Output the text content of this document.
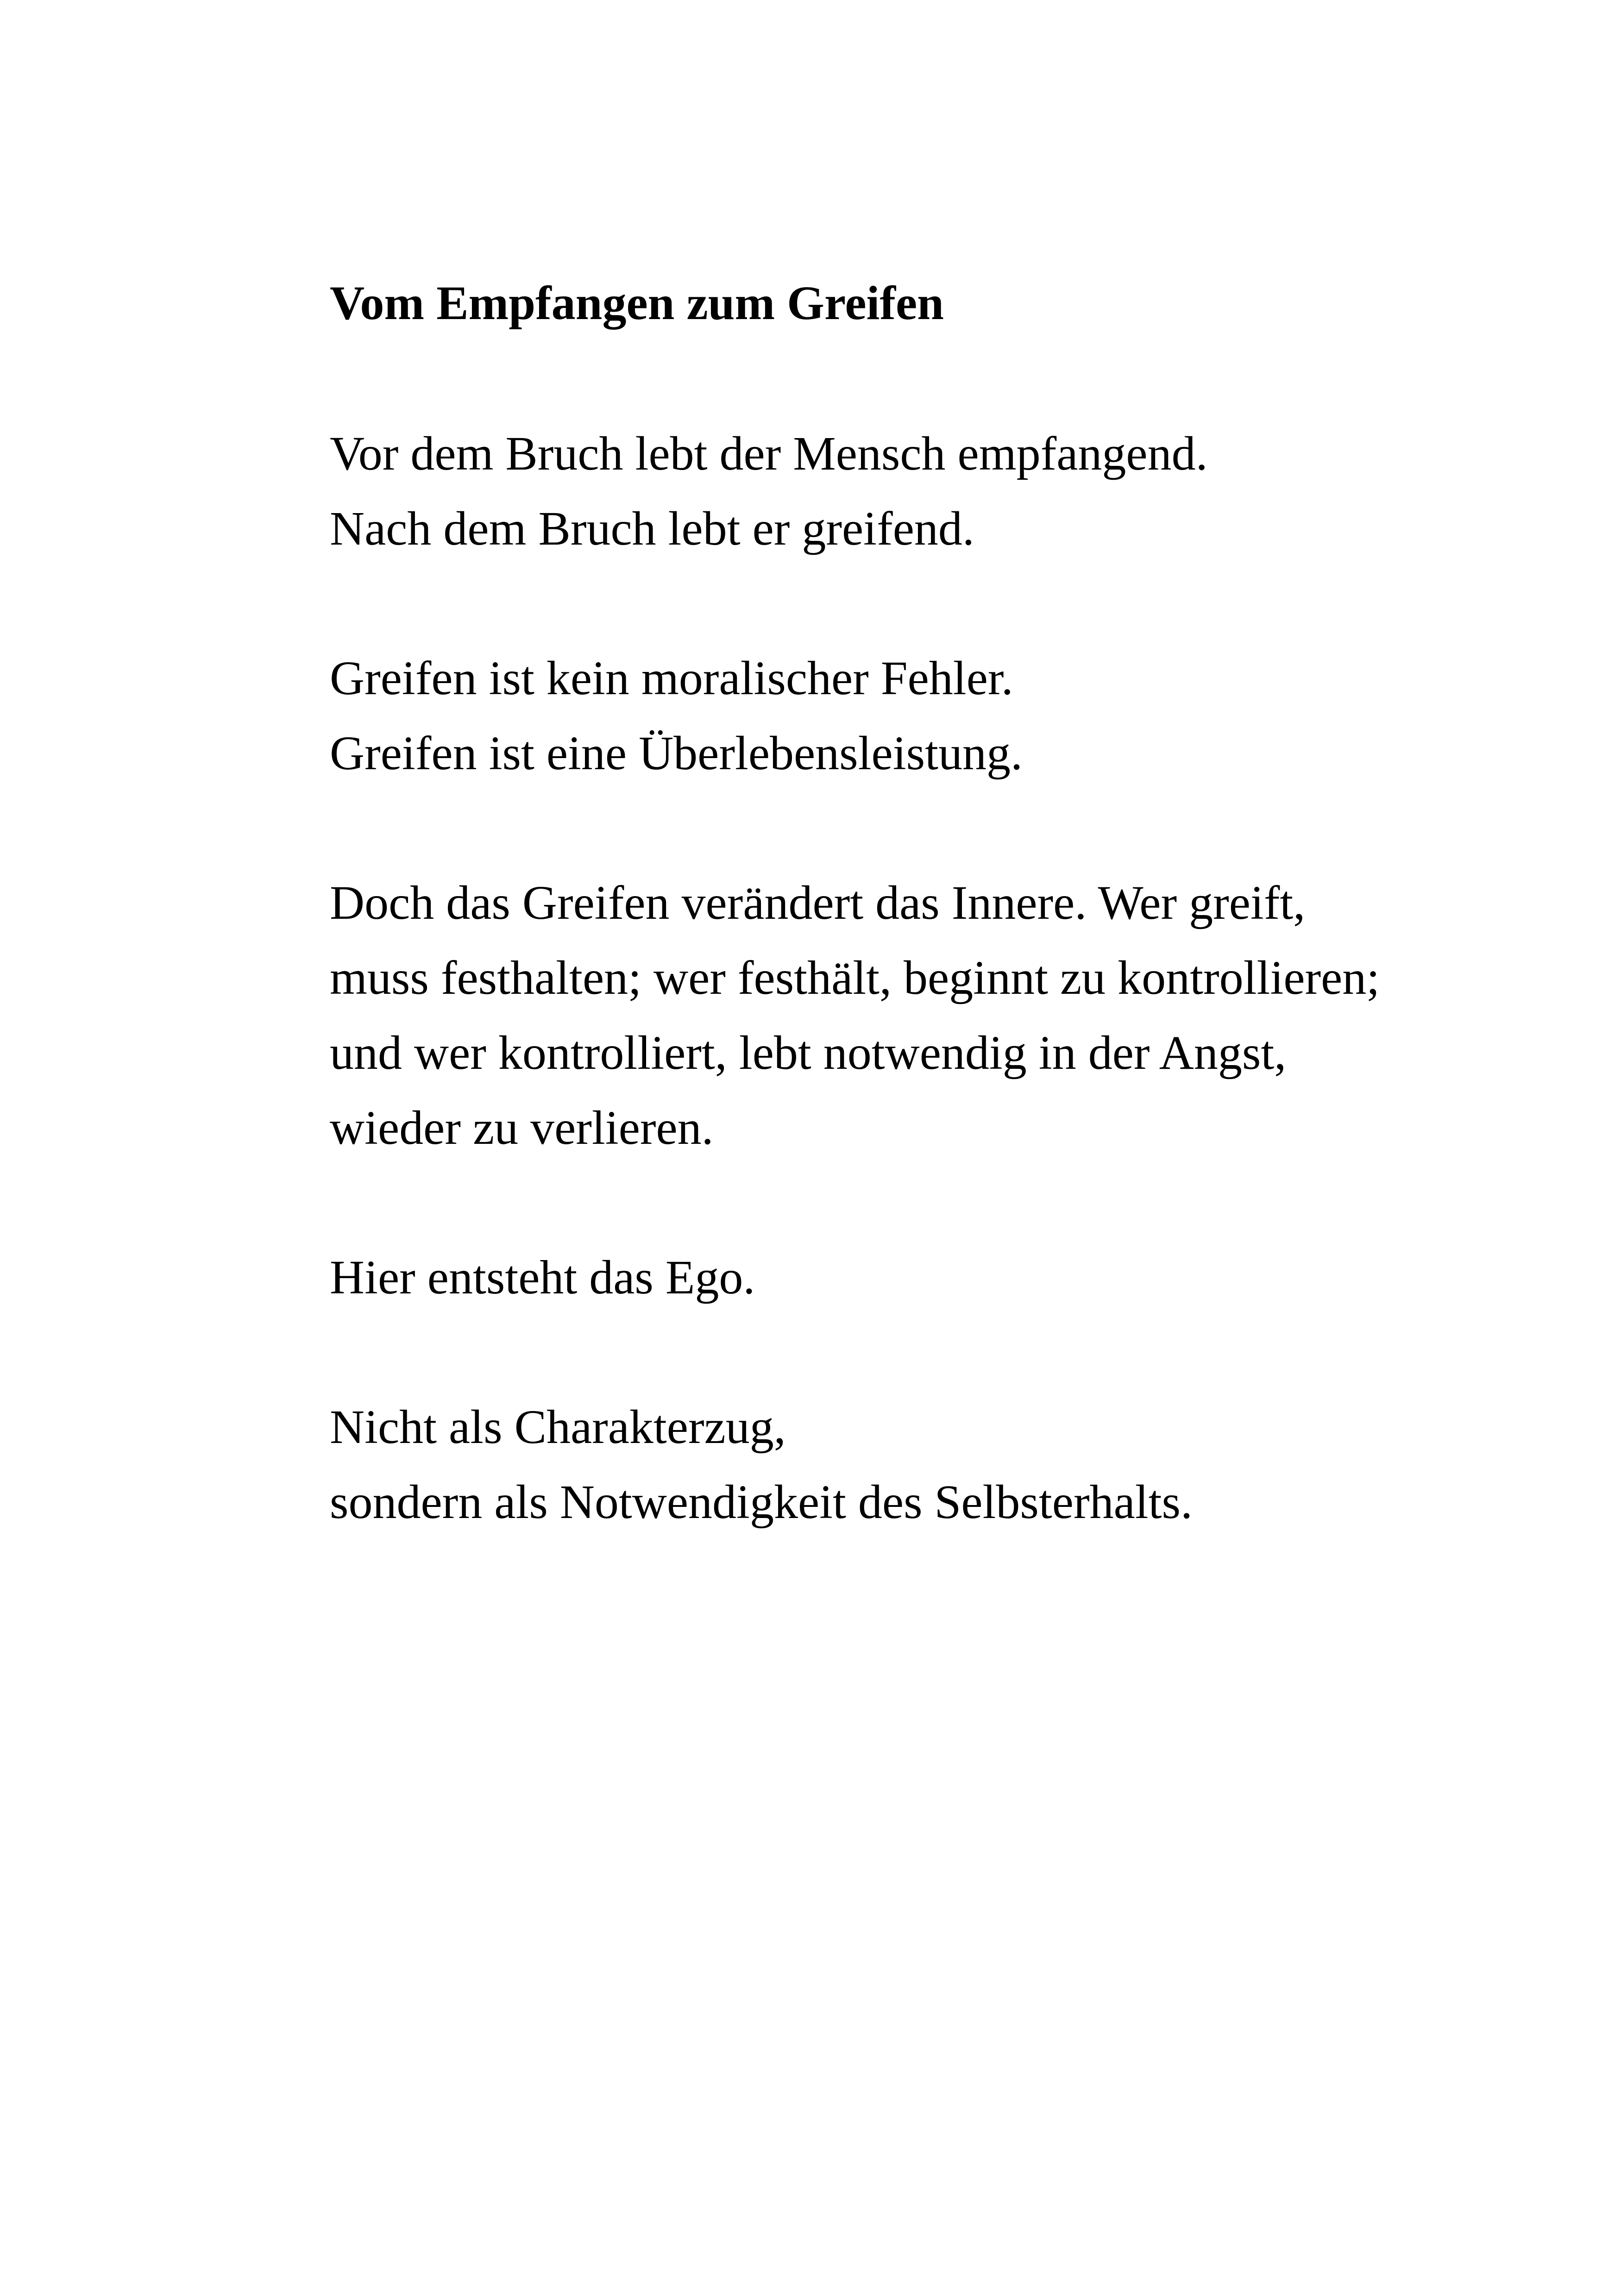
Vom Empfangen zum Greifen

Vor dem Bruch lebt der Mensch empfangend.

Nach dem Bruch lebt er greifend.

Greifen ist kein moralischer Fehler.

Greifen ist eine Überlebensleistung.

Doch das Greifen verändert das Innere. Wer greift,

muss festhalten; wer festhält, beginnt zu kontrollieren;

und wer kontrolliert, lebt notwendig in der Angst,

wieder zu verlieren.

Hier entsteht das Ego.

Nicht als Charakterzug,

sondern als Notwendigkeit des Selbsterhalts.
